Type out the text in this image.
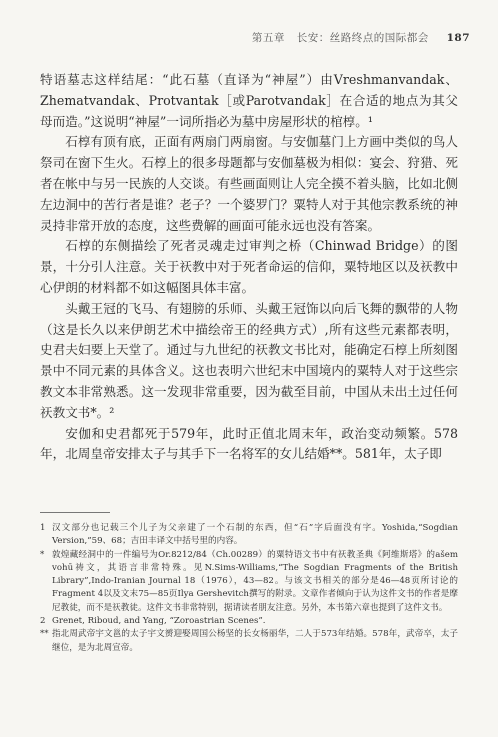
第五章 长安：丝路终点的国际都会 187

特语墓志这样结尾：“此石墓（直译为“神屋”）由Vreshmanvandak、Zhematvandak、Protvantak［或Parotvandak］在合适的地点为其父母而造。”这说明“神屋”一词所指必为墓中房屋形状的棺椁。¹

石椁有顶有底，正面有两扇门两扇窗。与安伽墓门上方画中类似的鸟人祭司在窗下生火。石椁上的很多母题都与安伽墓极为相似：宴会、狩猎、死者在帐中与另一民族的人交谈。有些画面则让人完全摸不着头脑，比如北侧左边洞中的苦行者是谁？老子？一个婆罗门？粟特人对于其他宗教系统的神灵持非常开放的态度，这些费解的画面可能永远也没有答案。

石椁的东侧描绘了死者灵魂走过审判之桥（Chinwad Bridge）的图景，十分引人注意。关于祆教中对于死者命运的信仰，粟特地区以及祆教中心伊朗的材料都不如这幅图具体丰富。

头戴王冠的飞马、有翅膀的乐师、头戴王冠饰以向后飞舞的飘带的人物（这是长久以来伊朗艺术中描绘帝王的经典方式）,所有这些元素都表明，史君夫妇要上天堂了。通过与九世纪的祆教文书比对，能确定石椁上所刻图景中不同元素的具体含义。这也表明六世纪末中国境内的粟特人对于这些宗教文本非常熟悉。这一发现非常重要，因为截至目前，中国从未出土过任何祆教文书*。²

安伽和史君都死于579年，此时正值北周末年，政治变动频繁。578年，北周皇帝安排太子与其手下一名将军的女儿结婚**。581年，太子即

1 汉文部分也记载三个儿子为父亲建了一个石制的东西，但“石”字后面没有字。Yoshida,“Sogdian Version,”59、68；吉田丰译文中括号里的内容。
* 敦煌藏经洞中的一件编号为Or.8212/84（Ch.00289）的粟特语文书中有祆教圣典《阿维斯塔》的ašem vohū祷文，其语言非常特殊。见N.Sims-Williams,“The Sogdian Fragments of the British Library”,Indo-Iranian Journal 18（1976），43—82。与该文书相关的部分是46—48页所讨论的Fragment 4以及文末75—85页Ilya Gershevitch撰写的附录。文章作者倾向于认为这件文书的作者是摩尼教徒，而不是祆教徒。这件文书非常特别，据请读者朋友注意。另外，本书第六章也提到了这件文书。
2 Grenet, Riboud, and Yang, “Zoroastrian Scenes”.
** 指北周武帝宇文邕的太子宇文赟迎娶周国公杨坚的长女杨丽华，二人于573年结婚。578年，武帝卒，太子继位，是为北周宣帝。
